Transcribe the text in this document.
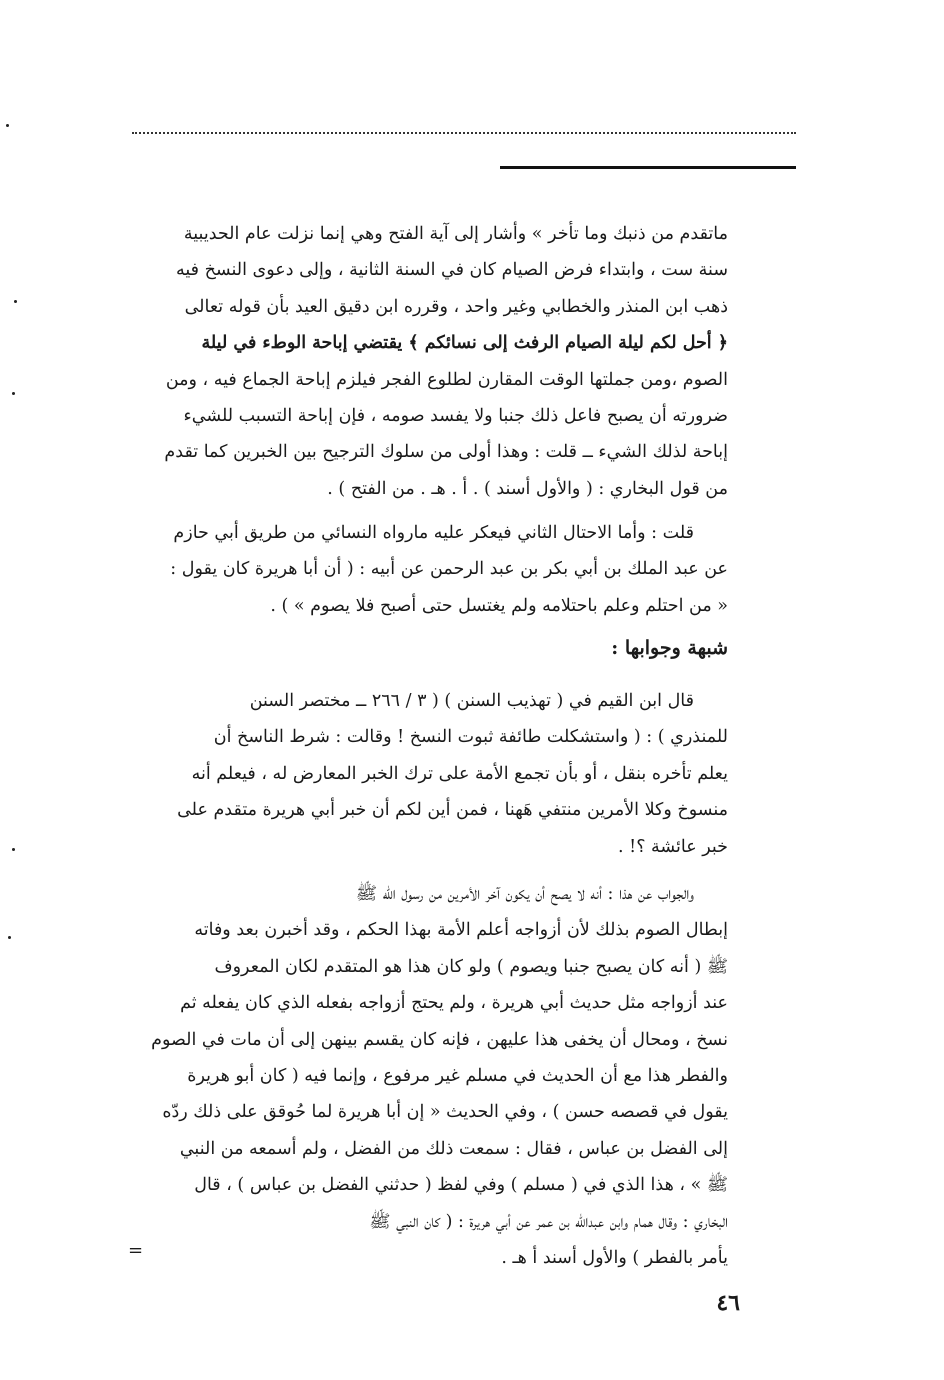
ماتقدم من ذنبك وما تأخر » وأشار إلى آية الفتح وهي إنما نزلت عام الحديبية
سنة ست ، وابتداء فرض الصيام كان في السنة الثانية ، وإلى دعوى النسخ فيه
ذهب ابن المنذر والخطابي وغير واحد ، وقرره ابن دقيق العيد بأن قوله تعالى
﴿ أحل لكم ليلة الصيام الرفث إلى نسائكم ﴾ يقتضي إباحة الوطء في ليلة
الصوم ،ومن جملتها الوقت المقارن لطلوع الفجر فيلزم إباحة الجماع فيه ، ومن
ضرورته أن يصبح فاعل ذلك جنبا ولا يفسد صومه ، فإن إباحة التسبب للشيء
إباحة لذلك الشيء ــ قلت : وهذا أولى من سلوك الترجيح بين الخبرين كما تقدم
من قول البخاري : ( والأول أسند ) . أ . هـ . من الفتح ) .
قلت : وأما الاحتال الثاني فيعكر عليه مارواه النسائي من طريق أبي حازم
عن عبد الملك بن أبي بكر بن عبد الرحمن عن أبيه : ( أن أبا هريرة كان يقول :
« من احتلم وعلم باحتلامه ولم يغتسل حتى أصبح فلا يصوم » ) .
شبهة وجوابها :
قال ابن القيم في ( تهذيب السنن ) ( ٣ / ٢٦٦ ــ مختصر السنن
للمنذري ) : ( واستشكلت طائفة ثبوت النسخ ! وقالت : شرط الناسخ أن
يعلم تأخره بنقل ، أو بأن تجمع الأمة على ترك الخبر المعارض له ، فيعلم أنه
منسوخ وكلا الأمرين منتفي هَهنا ، فمن أين لكم أن خبر أبي هريرة متقدم على
خبر عائشة ؟! .
والجواب عن هذا : أنه لا يصح أن يكون آخر الأمرين من رسول الله ﷺ
إبطال الصوم بذلك لأن أزواجه أعلم الأمة بهذا الحكم ، وقد أخبرن بعد وفاته
ﷺ ( أنه كان يصبح جنبا ويصوم ) ولو كان هذا هو المتقدم لكان المعروف
عند أزواجه مثل حديث أبي هريرة ، ولم يحتج أزواجه بفعله الذي كان يفعله ثم
نسخ ، ومحال أن يخفى هذا عليهن ، فإنه كان يقسم بينهن إلى أن مات في الصوم
والفطر هذا مع أن الحديث في مسلم غير مرفوع ، وإنما فيه ( كان أبو هريرة
يقول في قصصه حسن ) ، وفي الحديث « إن أبا هريرة لما حُوقق على ذلك ردّه
إلى الفضل بن عباس ، فقال : سمعت ذلك من الفضل ، ولم أسمعه من النبي
ﷺ » ، هذا الذي في ( مسلم ) وفي لفظ ( حدثني الفضل بن عباس ) ، قال
البخاري : وقال همام وابن عبدالله بن عمر عن أبي هريرة : ( كان النبي ﷺ
يأمر بالفطر ) والأول أسند أ هـ .
=
٤٦
